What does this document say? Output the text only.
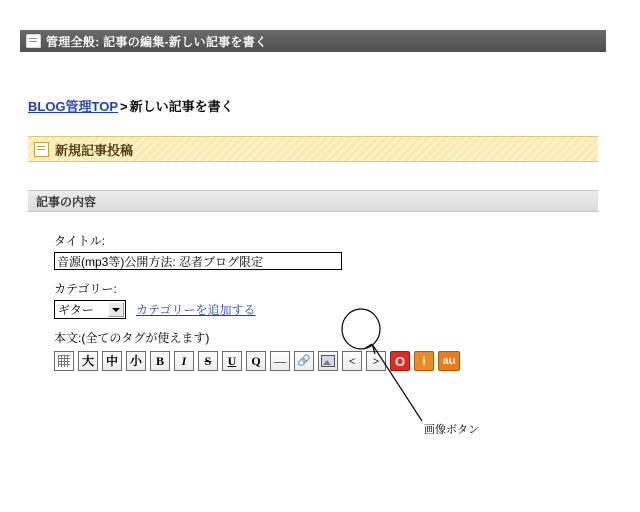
管理全般: 記事の編集-新しい記事を書く
BLOG管理TOP > 新しい記事を書く
新規記事投稿
記事の内容
タイトル:
音源(mp3等)公開方法: 忍者ブログ限定
カテゴリー:
ギター	カテゴリーを追加する
本文:(全てのタグが使えます)
大 中 小	B	I	S U	Q	—	🔗	<	>	O	i	au
画像ボタン
